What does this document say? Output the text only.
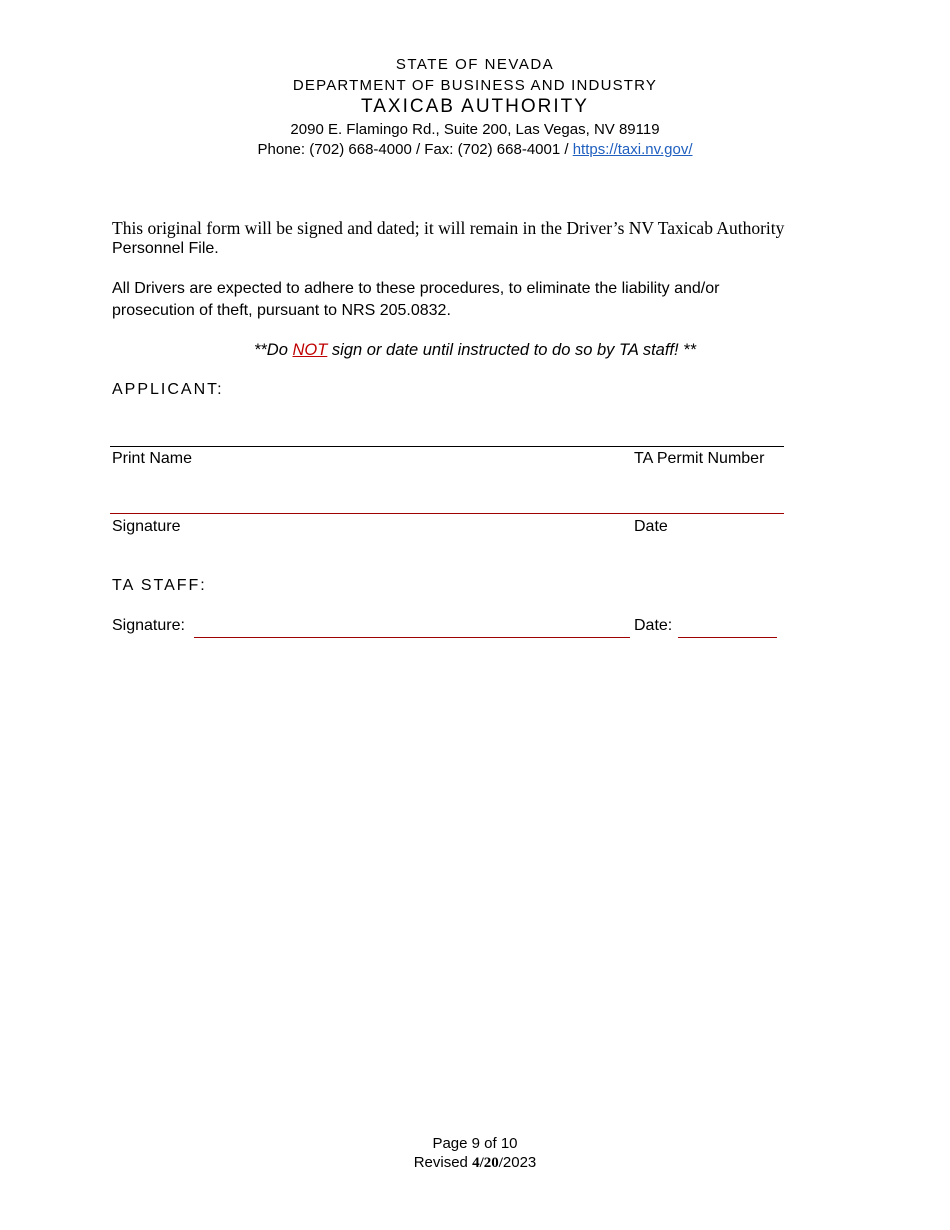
STATE OF NEVADA
DEPARTMENT OF BUSINESS AND INDUSTRY
TAXICAB AUTHORITY
2090 E. Flamingo Rd., Suite 200, Las Vegas, NV 89119
Phone: (702) 668-4000 / Fax: (702) 668-4001 / https://taxi.nv.gov/
This original form will be signed and dated; it will remain in the Driver’s NV Taxicab Authority
Personnel File.
All Drivers are expected to adhere to these procedures, to eliminate the liability and/or
prosecution of theft, pursuant to NRS 205.0832.
**Do NOT sign or date until instructed to do so by TA staff! **
APPLICANT:
Print Name	TA Permit Number
Signature	Date
TA STAFF:
Signature:	Date:
Page 9 of 10
Revised 4/20/2023
